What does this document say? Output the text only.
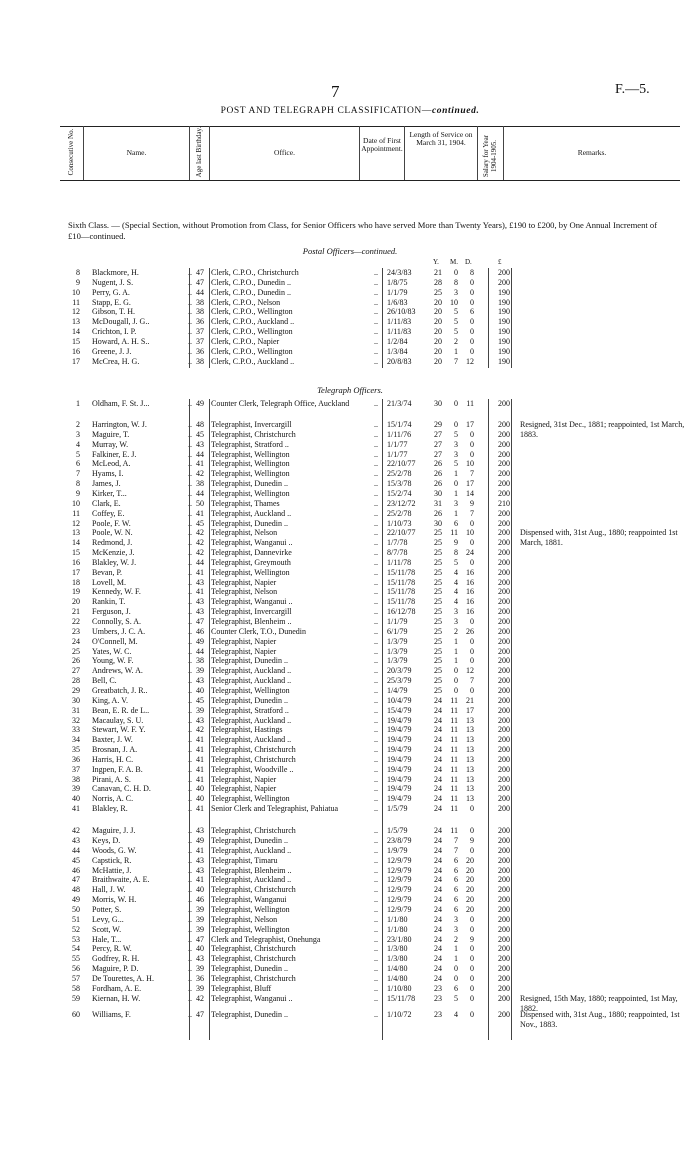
7	F.—5.
POST AND TELEGRAPH CLASSIFICATION—continued.
Consecutive No.	Name.	Age last Birthday.	Office.
Date of First Appointment.
Length of Service on March 31, 1904.	Salary for Year 1904-1905.	Remarks.
Sixth Class. — (Special Section, without Promotion from Class, for Senior Officers who have served More than Twenty Years), £190 to £200, by One Annual Increment of £10—continued.
Postal Officers—continued.
Y. M. D.	£
8 Blackmore, H.	47 Clerk, C.P.O., Christchurch	24/3/83	21	0	8	200
..	..
9 Nugent, J. S.	47 Clerk, C.P.O., Dunedin ..	1/8/75	28	8	0	200
..	..
10 Perry, G. A.	44 Clerk, C.P.O., Dunedin ..	1/1/79	25	3	0	190
..	..
11 Stapp, E. G.	38 Clerk, C.P.O., Nelson	1/6/83	20 10	0	190
..	..
12 Gibson, T. H.	38 Clerk, C.P.O., Wellington	26/10/83 20	5	6	190
..	..
13 McDougall, J. G..	36 Clerk, C.P.O., Auckland ..	1/11/83	20	5	0	190
..	..
14 Crichton, I. P.	37 Clerk, C.P.O., Wellington	1/11/83	20	5	0	190
..	..
15 Howard, A. H. S..	37 Clerk, C.P.O., Napier	1/2/84	20	2	0	190
..	..
16 Greene, J. J.	36 Clerk, C.P.O., Wellington	1/3/84	20	1	0	190
..	..
17 McCrea, H. G.	38 Clerk, C.P.O., Auckland ..	20/8/83	20	7	12	190
..	..
Telegraph Officers.
1 Oldham, F. St. J...	49 Counter Clerk, Telegraph Office, Auckland	21/3/74	30	0	11	200
..	..
2 Harrington, W. J.	48 Telegraphist, Invercargill	15/1/74	29	0	17	200
..	..	Resigned, 31st Dec., 1881; reappointed, 1st March, 1883.
3 Maguire, T.	45 Telegraphist, Christchurch	1/11/76	27	5	0	200
..	..
4 Murray, W.	43 Telegraphist, Stratford ..	1/1/77	27	3	0	200
..	..
5 Falkiner, E. J.	44 Telegraphist, Wellington	1/1/77	27	3	0	200
..	..
6 McLeod, A.	41 Telegraphist, Wellington	22/10/77 26	5	10	200
..	..
7 Hyams, I.	42 Telegraphist, Wellington	25/2/78	26	1	7	200
..	..
8 James, J.	38 Telegraphist, Dunedin ..	15/3/78	26	0	17	200
..	..
9 Kirker, T...	44 Telegraphist, Wellington	15/2/74	30	1	14	200
..	..
10 Clark, E.	50 Telegraphist, Thames	23/12/72 31	3	9	210
..	..
11 Coffey, E.	41 Telegraphist, Auckland ..	25/2/78	26	1	7	200
..	..
12 Poole, F. W.	45 Telegraphist, Dunedin ..	1/10/73	30	6	0	200
..	..
13 Poole, W. N.	42 Telegraphist, Nelson	22/10/77 25 11	10	200
..	..	Dispensed with, 31st Aug., 1880; reappointed 1st March, 1881.
14 Redmond, J.	42 Telegraphist, Wanganui ..	1/7/78	25	9	0	200
..	..
15 McKenzie, J.	42 Telegraphist, Dannevirke	8/7/78	25	8	24	200
..	..
16 Blakley, W. J.	44 Telegraphist, Greymouth	1/11/78	25	5	0	200
..	..
17 Bevan, P.	41 Telegraphist, Wellington	15/11/78 25	4	16	200
..	..
18 Lovell, M.	43 Telegraphist, Napier	15/11/78 25	4	16	200
..	..
19 Kennedy, W. F.	41 Telegraphist, Nelson	15/11/78 25	4	16	200
..	..
20 Rankin, T.	43 Telegraphist, Wanganui ..	15/11/78 25	4	16	200
..	..
21 Ferguson, J.	43 Telegraphist, Invercargill	16/12/78 25	3	16	200
..	..
22 Connolly, S. A.	47 Telegraphist, Blenheim ..	1/1/79	25	3	0	200
..	..
23 Umbers, J. C. A.	46 Counter Clerk, T.O., Dunedin	6/1/79	25	2	26	200
..	..
24 O'Connell, M.	49 Telegraphist, Napier	1/3/79	25	1	0	200
..	..
25 Yates, W. C.	44 Telegraphist, Napier	1/3/79	25	1	0	200
..	..
26 Young, W. F.	38 Telegraphist, Dunedin ..	1/3/79	25	1	0	200
..	..
27 Andrews, W. A.	39 Telegraphist, Auckland ..	20/3/79	25	0	12	200
..	..
28 Bell, C.	43 Telegraphist, Auckland ..	25/3/79	25	0	7	200
..	..
29 Greatbatch, J. R..	40 Telegraphist, Wellington	1/4/79	25	0	0	200
..	..
30 King, A. V.	45 Telegraphist, Dunedin ..	10/4/79	24 11	21	200
..	..
31 Bean, E. R. de L..	39 Telegraphist, Stratford ..	15/4/79	24 11	17	200
..	..
32 Macaulay, S. U.	43 Telegraphist, Auckland ..	19/4/79	24 11	13	200
..	..
33 Stewart, W. F. Y.	42 Telegraphist, Hastings	19/4/79	24 11	13	200
..	..
34 Baxter, J. W.	41 Telegraphist, Auckland ..	19/4/79	24 11	13	200
..	..
35 Brosnan, J. A.	41 Telegraphist, Christchurch	19/4/79	24 11	13	200
..	..
36 Harris, H. C.	41 Telegraphist, Christchurch	19/4/79	24 11	13	200
..	..
37 Ingpen, F. A. B.	41 Telegraphist, Woodville ..	19/4/79	24 11	13	200
..	..
38 Pirani, A. S.	41 Telegraphist, Napier	19/4/79	24 11	13	200
..	..
39 Canavan, C. H. D.	40 Telegraphist, Napier	19/4/79	24 11	13	200
..	..
40 Norris, A. C.	40 Telegraphist, Wellington	19/4/79	24 11	13	200
..	..
41 Blakley, R.	41 Senior Clerk and Telegraphist, Pahiatua	1/5/79	24 11	0	200
..	..
42 Maguire, J. J.	43 Telegraphist, Christchurch	1/5/79	24 11	0	200
..	..
43 Keys, D.	49 Telegraphist, Dunedin ..	23/8/79	24	7	9	200
..	..
44 Woods, G. W.	41 Telegraphist, Auckland ..	1/9/79	24	7	0	200
..	..
45 Capstick, R.	43 Telegraphist, Timaru	12/9/79	24	6	20	200
..	..
46 McHattie, J.	43 Telegraphist, Blenheim ..	12/9/79	24	6	20	200
..	..
47 Braithwaite, A. E.	41 Telegraphist, Auckland ..	12/9/79	24	6	20	200
..	..
48 Hall, J. W.	40 Telegraphist, Christchurch	12/9/79	24	6	20	200
..	..
49 Morris, W. H.	46 Telegraphist, Wanganui	12/9/79	24	6	20	200
..	..
50 Potter, S.	39 Telegraphist, Wellington	12/9/79	24	6	20	200
..	..
51 Levy, G...	39 Telegraphist, Nelson	1/1/80	24	3	0	200
..	..
52 Scott, W.	39 Telegraphist, Wellington	1/1/80	24	3	0	200
..	..
53 Hale, T...	47 Clerk and Telegraphist, Onehunga	23/1/80	24	2	9	200
..	..
54 Percy, R. W.	40 Telegraphist, Christchurch	1/3/80	24	1	0	200
..	..
55 Godfrey, R. H.	43 Telegraphist, Christchurch	1/3/80	24	1	0	200
..	..
56 Maguire, P. D.	39 Telegraphist, Dunedin ..	1/4/80	24	0	0	200
..	..
57 De Tourettes, A. H.	36 Telegraphist, Christchurch	1/4/80	24	0	0	200
..	..
58 Fordham, A. E.	39 Telegraphist, Bluff	1/10/80	23	6	0	200
..	..
59 Kiernan, H. W.	42 Telegraphist, Wanganui ..	15/11/78 23	5	0	200
..	..	Resigned, 15th May, 1880; reappointed, 1st May, 1882.
60 Williams, F.	47 Telegraphist, Dunedin ..	1/10/72	23	4	0	200
..	..	Dispensed with, 31st Aug., 1880; reappointed, 1st Nov., 1883.
